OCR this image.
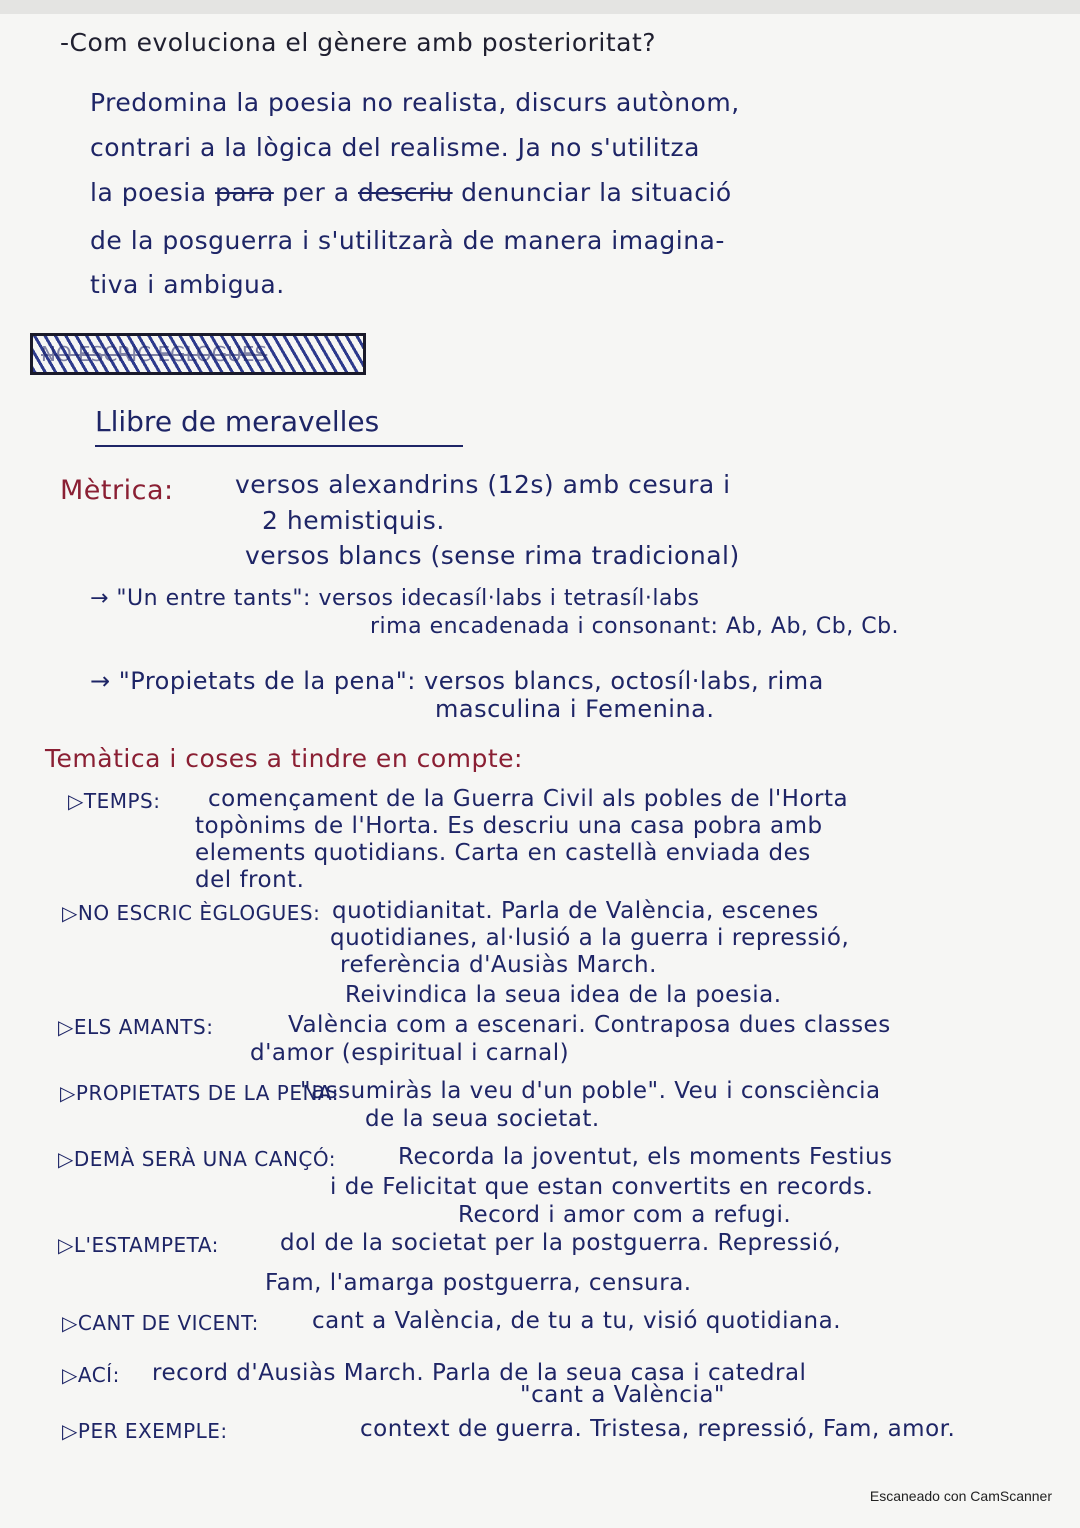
-Com evoluciona el gènere amb posterioritat?
Predomina la poesia no realista, discurs autònom,
contrari a la lògica del realisme. Ja no s'utilitza
la poesia para per a descriu denunciar la situació
de la posguerra i s'utilitzarà de manera imagina-
tiva i ambigua.
NO ESCRIC ÈGLOGUES
Llibre de meravelles
Mètrica: versos alexandrins (12s) amb cesura i
2 hemistiquis.
versos blancs (sense rima tradicional)
→ "Un entre tants": versos idecasíl·labs i tetrasíl·labs
rima encadenada i consonant: Ab, Ab, Cb, Cb.
→ "Propietats de la pena": versos blancs, octosíl·labs, rima
masculina i Femenina.
Temàtica i coses a tindre en compte:
▷TEMPS: començament de la Guerra Civil als pobles de l'Horta
topònims de l'Horta. Es descriu una casa pobra amb
elements quotidians. Carta en castellà enviada des
del front.
▷NO ESCRIC ÈGLOGUES: quotidianitat. Parla de València, escenes
quotidianes, al·lusió a la guerra i repressió,
referència d'Ausiàs March.
Reivindica la seua idea de la poesia.
▷ELS AMANTS:	València com a escenari. Contraposa dues classes
d'amor (espiritual i carnal)
▷PROPIETATS DE LA PENA:
"assumiràs la veu d'un poble". Veu i consciència
de la seua societat.
▷DEMÀ SERÀ UNA CANÇÓ:	Recorda la joventut, els moments Festius
i de Felicitat que estan convertits en records.
Record i amor com a refugi.
▷L'ESTAMPETA:	dol de la societat per la postguerra. Repressió,
Fam, l'amarga postguerra, censura.
▷CANT DE VICENT: cant a València, de tu a tu, visió quotidiana.
▷ACÍ: record d'Ausiàs March. Parla de la seua casa i catedral
"cant a València"
▷PER EXEMPLE:	context de guerra. Tristesa, repressió, Fam, amor.
Escaneado con CamScanner
